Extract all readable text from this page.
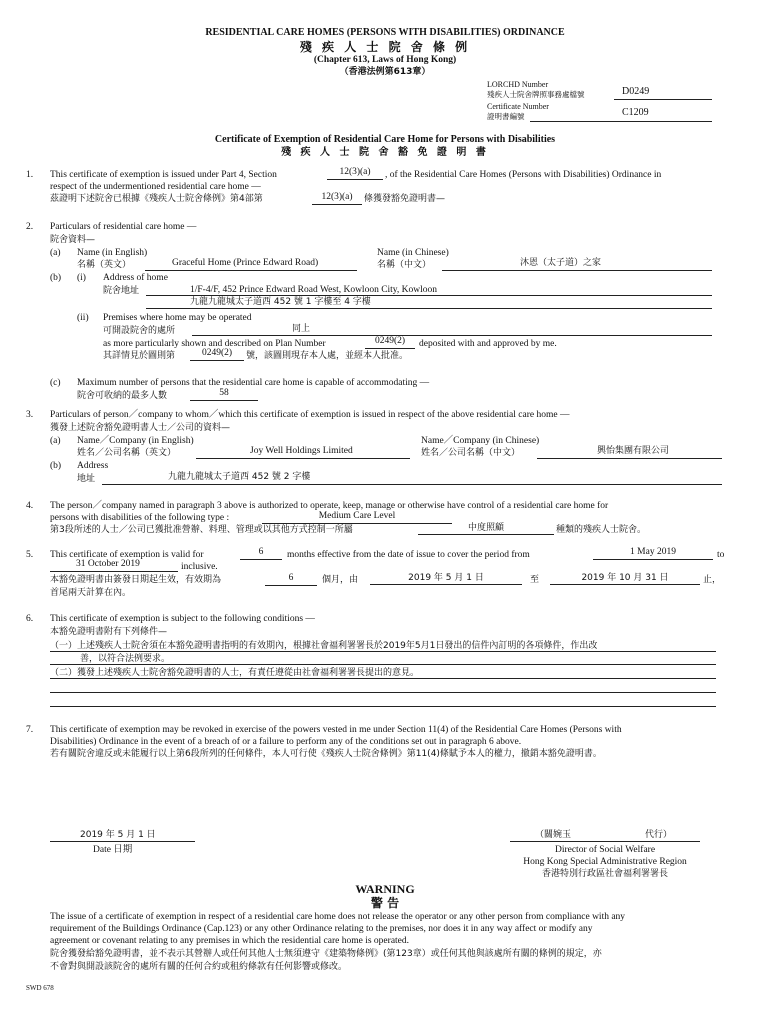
RESIDENTIAL CARE HOMES (PERSONS WITH DISABILITIES) ORDINANCE
殘 疾 人 士 院 舍 條 例
(Chapter 613, Laws of Hong Kong)
（香港法例第613章）
LORCHD Number
殘疾人士院舍牌照事務處檔號	D0249
Certificate Number
證明書編號	C1209
Certificate of Exemption of Residential Care Home for Persons with Disabilities
殘 疾 人 士 院 舍 豁 免 證 明 書
1. This certificate of exemption is issued under Part 4, Section	12(3)(a)	, of the Residential Care Homes (Persons with Disabilities) Ordinance in
respect of the undermentioned residential care home —
茲證明下述院舍已根據《殘疾人士院舍條例》第4部第	12(3)(a)	條獲發豁免證明書—
2. Particulars of residential care home —
院舍資料—
(a) Name (in English)
名稱（英文）	Graceful Home (Prince Edward Road)
Name (in Chinese)
名稱（中文）	沐恩（太子道）之家
(b) (i) Address of home
院舍地址	1/F-4/F, 452 Prince Edward Road West, Kowloon City, Kowloon
九龍九龍城太子道西 452 號 1 字樓至 4 字樓
(ii) Premises where home may be operated
可開設院舍的處所	同上
as more particularly shown and described on Plan Number	0249(2)	deposited with and approved by me.
其詳情見於圖則第	0249(2)	號，該圖則現存本人處，並經本人批准。
(c) Maximum number of persons that the residential care home is capable of accommodating —
院舍可收納的最多人數	58
3. Particulars of person／company to whom／which this certificate of exemption is issued in respect of the above residential care home —
獲發上述院舍豁免證明書人士／公司的資料—
(a) Name／Company (in English)
姓名／公司名稱（英文）	Joy Well Holdings Limited
Name／Company (in Chinese)
姓名／公司名稱（中文）	興怡集團有限公司
(b) Address
地址	九龍九龍城太子道西 452 號 2 字樓
4. The person／company named in paragraph 3 above is authorized to operate, keep, manage or otherwise have control of a residential care home for
persons with disabilities of the following type :	Medium Care Level
第3段所述的人士／公司已獲批准營辦、料理、管理或以其他方式控制一所屬	中度照顧	種類的殘疾人士院舍。
5. This certificate of exemption is valid for	6	months effective from the date of issue to cover the period from	1 May 2019	to
31 October 2019	inclusive.
本豁免證明書由簽發日期起生效，有效期為	6	個月，由	2019 年 5 月 1 日	至	2019 年 10 月 31 日	止，
首尾兩天計算在內。
6. This certificate of exemption is subject to the following conditions —
本豁免證明書附有下列條件—
（一）上述殘疾人士院舍須在本豁免證明書指明的有效期內，根據社會福利署署長於2019年5月1日發出的信件內訂明的各項條件，作出改
善，以符合法例要求。
（二）獲發上述殘疾人士院舍豁免證明書的人士，有責任遵從由社會福利署署長提出的意見。
7. This certificate of exemption may be revoked in exercise of the powers vested in me under Section 11(4) of the Residential Care Homes (Persons with
Disabilities) Ordinance in the event of a breach of or a failure to perform any of the conditions set out in paragraph 6 above.
若有關院舍違反或未能履行以上第6段所列的任何條件，本人可行使《殘疾人士院舍條例》第11(4)條賦予本人的權力，撤銷本豁免證明書。
2019 年 5 月 1 日
Date 日期
（關婉玉	代行）
Director of Social Welfare
Hong Kong Special Administrative Region
香港特別行政區社會福利署署長
WARNING
警 告
The issue of a certificate of exemption in respect of a residential care home does not release the operator or any other person from compliance with any
requirement of the Buildings Ordinance (Cap.123) or any other Ordinance relating to the premises, nor does it in any way affect or modify any
agreement or covenant relating to any premises in which the residential care home is operated.
院舍獲發給豁免證明書，並不表示其營辦人或任何其他人士無須遵守《建築物條例》(第123章）或任何其他與該處所有關的條例的規定，亦
不會對與開設該院舍的處所有關的任何合約或租約條款有任何影響或修改。
SWD 678
